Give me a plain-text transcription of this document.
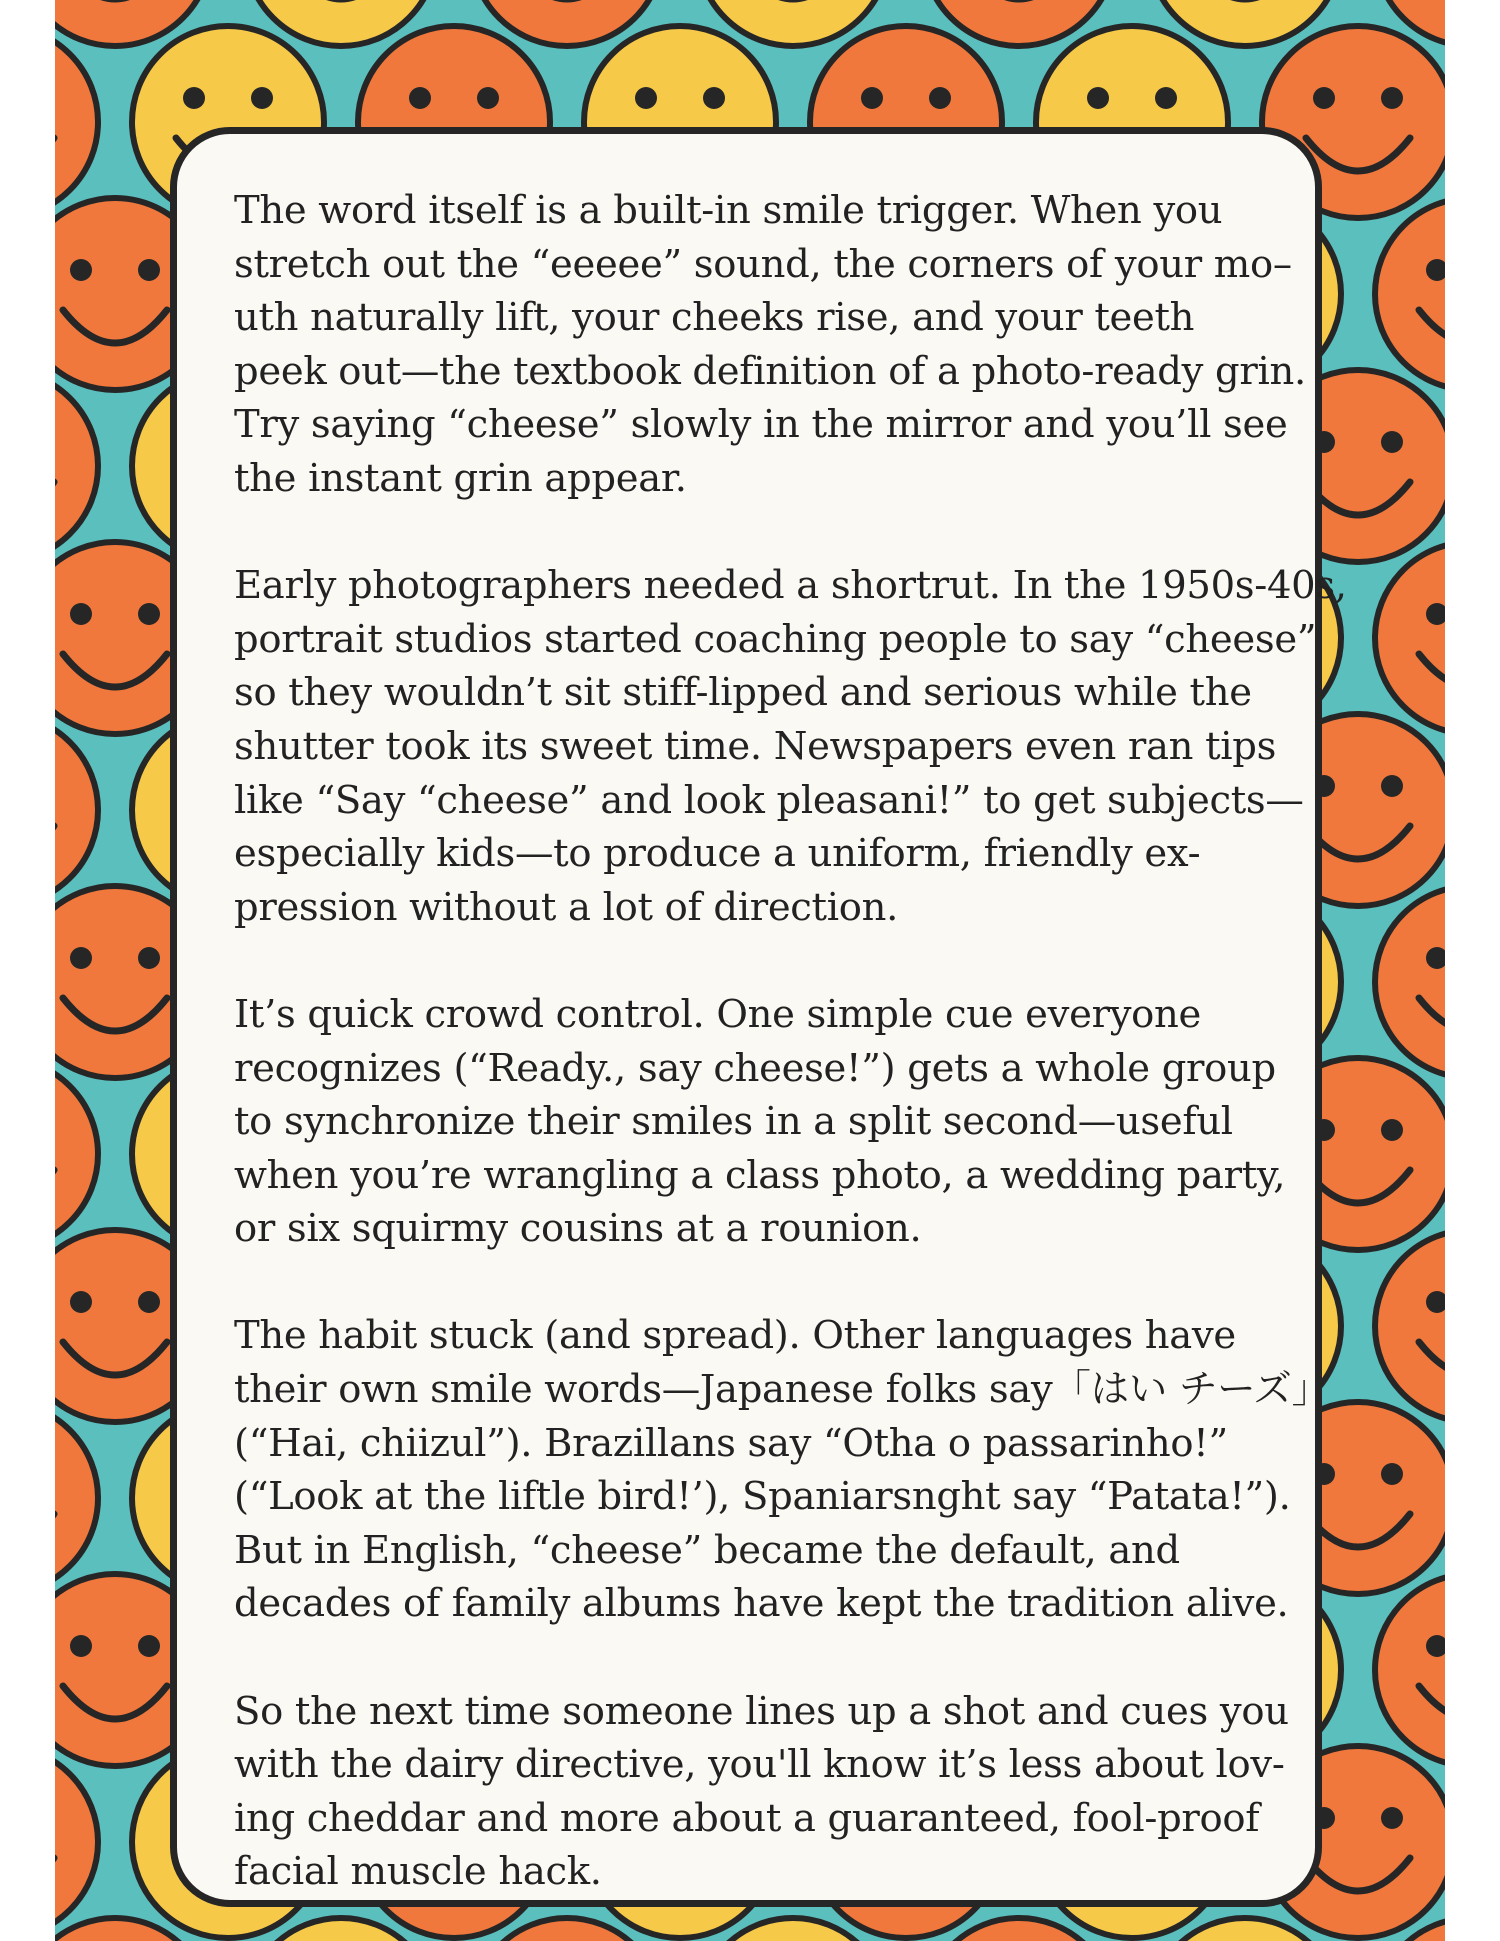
The word itself is a built-in smile trigger. When you
stretch out the “eeeee” sound, the corners of your mo–
uth naturally lift, your cheeks rise, and your teeth
peek out—the textbook definition of a photo-ready grin.
Try saying “cheese” slowly in the mirror and you’ll see
the instant grin appear.

Early photographers needed a shortrut. In the 1950s-40s,
portrait studios started coaching people to say “cheese”
so they wouldn’t sit stiff-lipped and serious while the
shutter took its sweet time. Newspapers even ran tips
like “Say “cheese” and look pleasani!” to get subjects—
especially kids—to produce a uniform, friendly ex-
pression without a lot of direction.

It’s quick crowd control. One simple cue everyone
recognizes (“Ready., say cheese!”) gets a whole group
to synchronize their smiles in a split second—useful
when you’re wrangling a class photo, a wedding party,
or six squirmy cousins at a rounion.

The habit stuck (and spread). Other languages have
their own smile words—Japanese folks say「はい チーズ」
(“Hai, chiizul”). Brazillans say “Otha o passarinho!”
(“Look at the liftle bird!’), Spaniarsnght say “Patata!”).
But in English, “cheese” became the default, and
decades of family albums have kept the tradition alive.

So the next time someone lines up a shot and cues you
with the dairy directive, you'll know it’s less about lov-
ing cheddar and more about a guaranteed, fool-proof
facial muscle hack.
